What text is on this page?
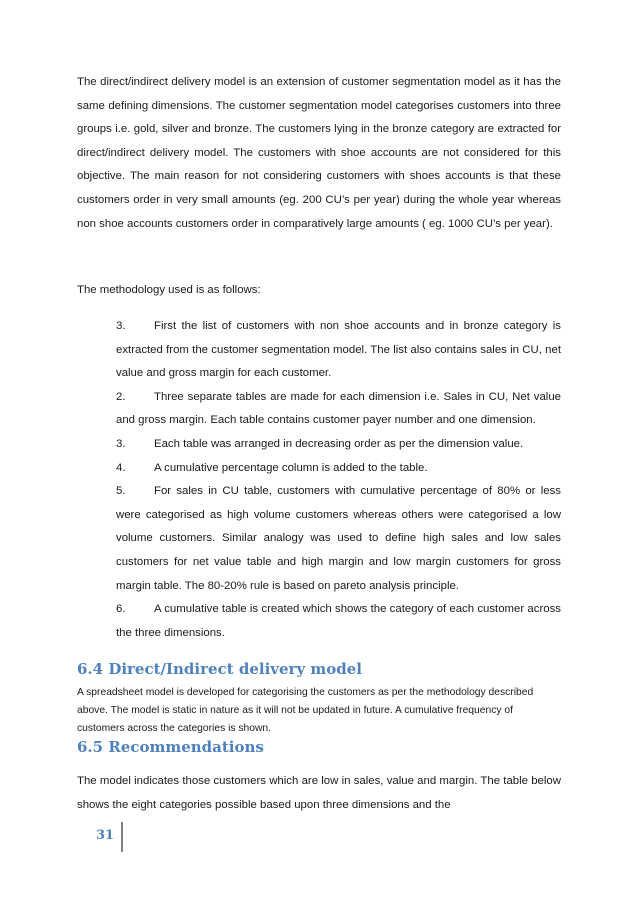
The direct/indirect delivery model is an extension of customer segmentation model as it has the same defining dimensions. The customer segmentation model categorises customers into three groups i.e. gold, silver and bronze. The customers lying in the bronze category are extracted for direct/indirect delivery model. The customers with shoe accounts are not considered for this objective. The main reason for not considering customers with shoes accounts is that these customers order in very small amounts (eg. 200 CU’s per year) during the whole year whereas non shoe accounts customers order in comparatively large amounts ( eg. 1000 CU’s per year).

The methodology used is as follows:

3.	First the list of customers with non shoe accounts and in bronze category is extracted from the customer segmentation model. The list also contains sales in CU, net value and gross margin for each customer.
2.	Three separate tables are made for each dimension i.e. Sales in CU, Net value and gross margin. Each table contains customer payer number and one dimension.
3.	Each table was arranged in decreasing order as per the dimension value.
4.	A cumulative percentage column is added to the table.
5.	For sales in CU table, customers with cumulative percentage of 80% or less were categorised as high volume customers whereas others were categorised a low volume customers. Similar analogy was used to define high sales and low sales customers for net value table and high margin and low margin customers for gross margin table. The 80-20% rule is based on pareto analysis principle.
6.	A cumulative table is created which shows the category of each customer across the three dimensions.
6.4 Direct/Indirect delivery model

A spreadsheet model is developed for categorising the customers as per the methodology described above. The model is static in nature as it will not be updated in future. A cumulative frequency of customers across the categories is shown.

6.5 Recommendations

The model indicates those customers which are low in sales, value and margin. The table below shows the eight categories possible based upon three dimensions and the

31
